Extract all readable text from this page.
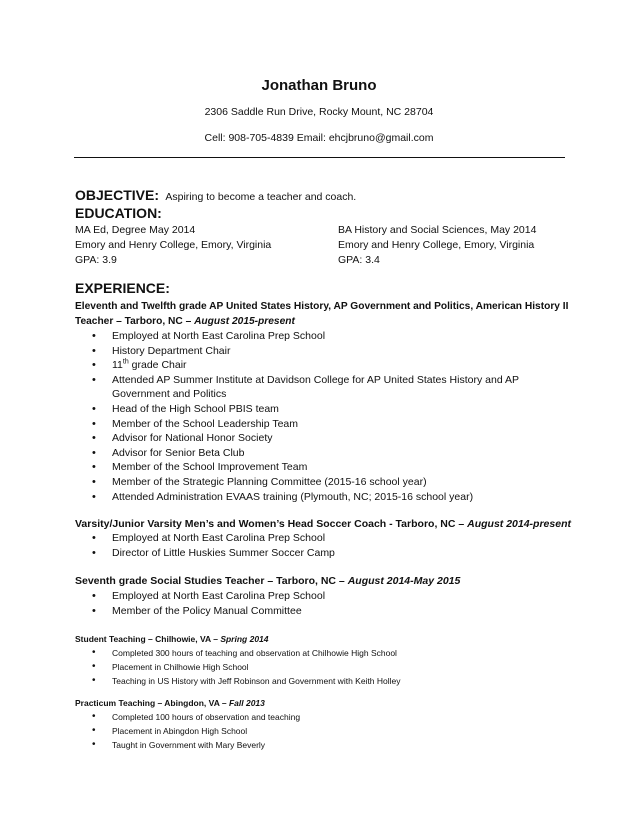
Jonathan Bruno
2306 Saddle Run Drive, Rocky Mount, NC 28704
Cell: 908-705-4839 Email: ehcjbruno@gmail.com
OBJECTIVE: Aspiring to become a teacher and coach.
EDUCATION:
MA Ed, Degree May 2014
Emory and Henry College, Emory, Virginia
GPA: 3.9
BA History and Social Sciences, May 2014
Emory and Henry College, Emory, Virginia
GPA: 3.4
EXPERIENCE:
Eleventh and Twelfth grade AP United States History, AP Government and Politics, American History II
Teacher – Tarboro, NC – August 2015-present
• Employed at North East Carolina Prep School
• History Department Chair
• 11th grade Chair
• Attended AP Summer Institute at Davidson College for AP United States History and AP Government and Politics
• Head of the High School PBIS team
• Member of the School Leadership Team
• Advisor for National Honor Society
• Advisor for Senior Beta Club
• Member of the School Improvement Team
• Member of the Strategic Planning Committee (2015-16 school year)
• Attended Administration EVAAS training (Plymouth, NC; 2015-16 school year)
Varsity/Junior Varsity Men’s and Women’s Head Soccer Coach - Tarboro, NC – August 2014-present
• Employed at North East Carolina Prep School
• Director of Little Huskies Summer Soccer Camp
Seventh grade Social Studies Teacher – Tarboro, NC – August 2014-May 2015
• Employed at North East Carolina Prep School
• Member of the Policy Manual Committee
Student Teaching – Chilhowie, VA – Spring 2014
• Completed 300 hours of teaching and observation at Chilhowie High School
• Placement in Chilhowie High School
• Teaching in US History with Jeff Robinson and Government with Keith Holley
Practicum Teaching – Abingdon, VA – Fall 2013
• Completed 100 hours of observation and teaching
• Placement in Abingdon High School
• Taught in Government with Mary Beverly
